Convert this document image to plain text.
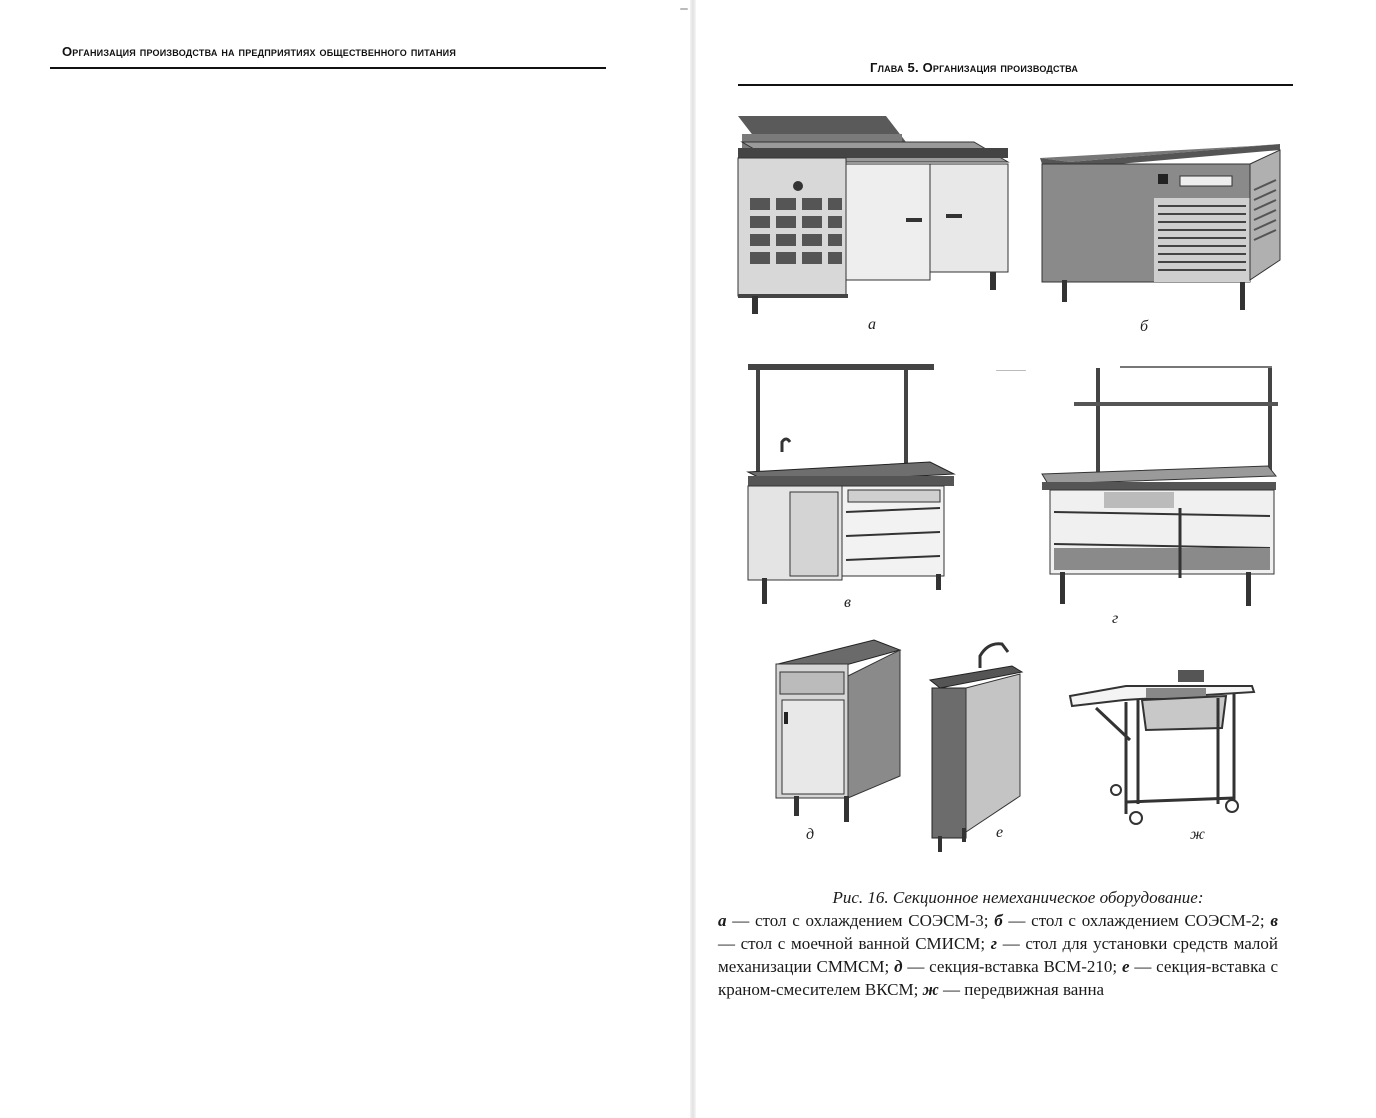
Организация производства на предприятиях общественного питания
Глава 5. Организация производства
а	б
в
г
д	е	ж
Рис. 16. Секционное немеханическое оборудование:
а — стол с охлаждением СОЭСМ-3; б — стол с охлаждением СОЭСМ-2; в — стол с моечной ванной СМИСМ; г — стол для установки средств малой механизации СММСМ; д — секция-вставка ВСМ-210; е — секция-вставка с краном-смесителем ВКСМ; ж — передвижная ванна
